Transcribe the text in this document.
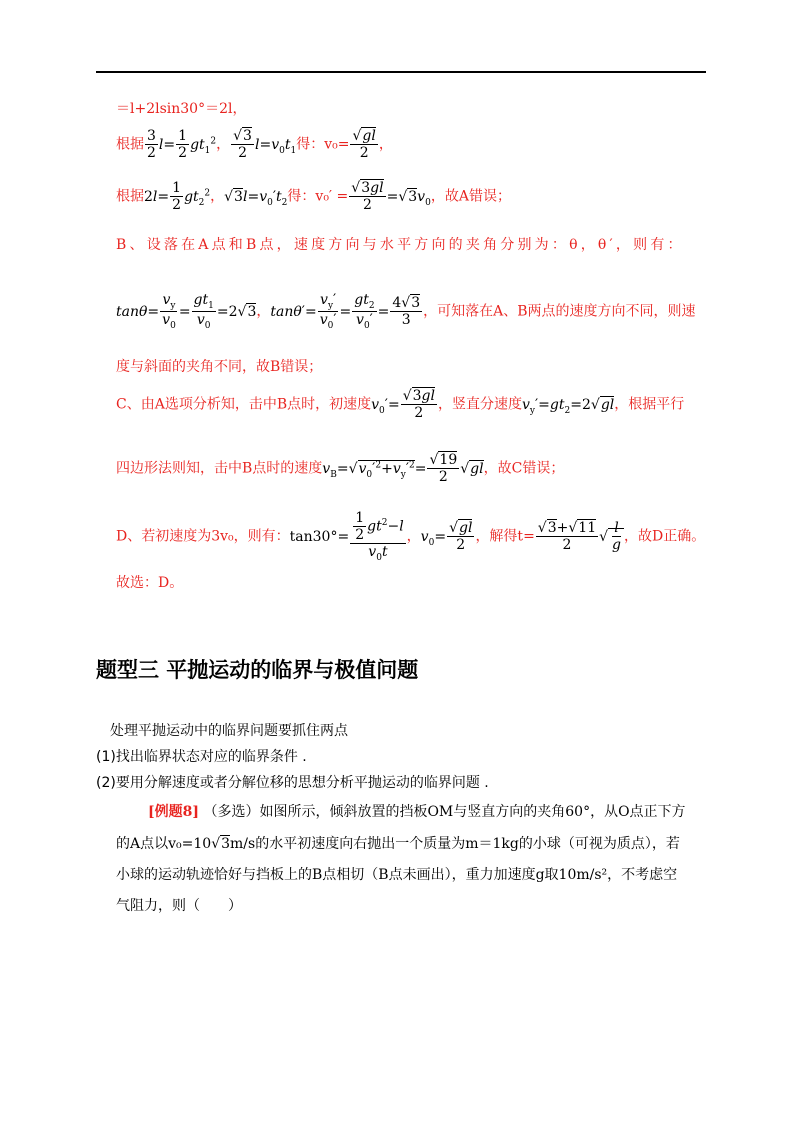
＝l+2lsin30°＝2l，
根据 $\frac{3}{2} l= \frac{1}{2} gt_1^2$， $\frac{√3}{2} l=v_0t_1$得：$v_0= \frac{√gl}{2}$ ，
根据$2l= \frac{1}{2} gt_2^2$，$√3l=v_0't_2$得：$v_0' = \frac{√3gl}{2} =√3v_0$，故A错误；
B、设落在A点和B点，速度方向与水平方向的夹角分别为：θ，θ′，则有：
$\tan\theta= \frac{v_y}{v_0} = \frac{gt_1}{v_0} =2√3$，$\tan\theta'= \frac{v_y'}{v_0'} = \frac{gt_2}{v_0'} = \frac{4√3}{3}$ ，可知落在A、B两点的速度方向不同，则速
度与斜面的夹角不同，故B错误；
C、由A选项分析知，击中B点时，初速度$v_0'= \frac{√3gl}{2}$ ，竖直分速度$v_y'=gt_2=2√gl$，根据平行
四边形法则知，击中B点时的速度$v_B=√v_0'^2+v_y'^2= \frac{√19}{2} √gl$，故C错误；
D、若初速度为3v₀，则有：$\tan 30^\circ= \frac{\frac{1}{2} gt^2-l}{v_0t}$ ，$v_0= \frac{√gl}{2}$ ，解得$t= \frac{√3+√11}{2}$ √ $\frac{l}{g}$ ，故D正确。
故选：D。
题型三 平抛运动的临界与极值问题
处理平抛运动中的临界问题要抓住两点
(1)找出临界状态对应的临界条件 .
(2)要用分解速度或者分解位移的思想分析平抛运动的临界问题 .
[例题8] （多选）如图所示，倾斜放置的挡板OM与竖直方向的夹角60°，从O点正下方
的A点以v₀=10√3m/s的水平初速度向右抛出一个质量为m＝1kg的小球（可视为质点），若
小球的运动轨迹恰好与挡板上的B点相切（B点未画出），重力加速度g取10m/s²，不考虑空
气阻力，则（　　）
